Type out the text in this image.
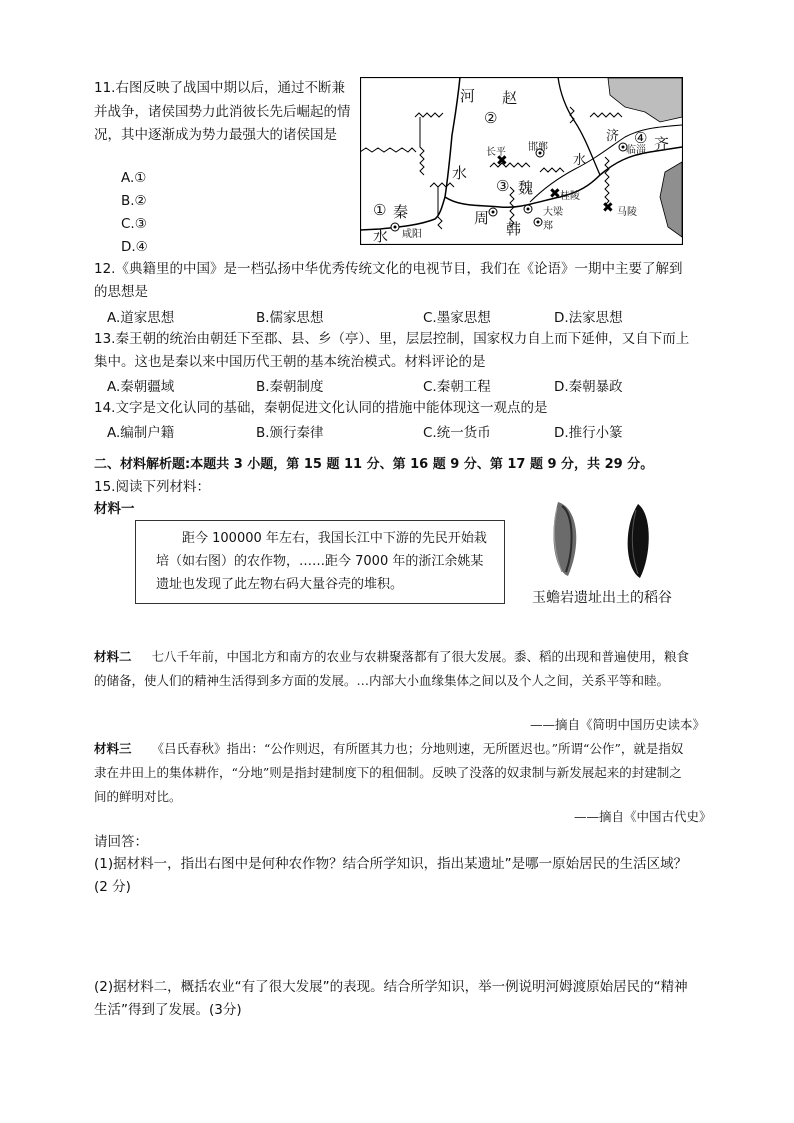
11.右图反映了战国中期以后，通过不断兼并战争，诸侯国势力此消彼长先后崛起的情况，其中逐渐成为势力最强大的诸侯国是
A.①
B.②
C.③
D.④
✖
✖
✖
河
②
赵
水
① 秦
水
③ 魏
④ 齐
周
韩
济
水
长平 邯郸
桂陵
大梁
郑
咸阳
临淄
马陵
12.《典籍里的中国》是一档弘扬中华优秀传统文化的电视节目，我们在《论语》一期中主要了解到的思想是
A.道家思想	B.儒家思想	C.墨家思想	D.法家思想
13.秦王朝的统治由朝廷下至郡、县、乡（亭）、里，层层控制，国家权力自上而下延伸，又自下而上集中。这也是秦以来中国历代王朝的基本统治模式。材料评论的是
A.秦朝疆域	B.秦朝制度	C.秦朝工程	D.秦朝暴政
14.文字是文化认同的基础，秦朝促进文化认同的措施中能体现这一观点的是
A.编制户籍	B.颁行秦律	C.统一货币	D.推行小篆
二、材料解析题:本题共 3 小题，第 15 题 11 分、第 16 题 9 分、第 17 题 9 分，共 29 分。
15.阅读下列材料：
材料一
距今 100000 年左右，我国长江中下游的先民开始栽培（如右图）的农作物，……距今 7000 年的浙江余姚某遗址也发现了此左物右码大量谷壳的堆积。
玉蟾岩遗址出土的稻谷
材料二 七八千年前，中国北方和南方的农业与农耕聚落都有了很大发展。黍、稻的出现和普遍使用，粮食的储备，使人们的精神生活得到多方面的发展。…内部大小血缘集体之间以及个人之间，关系平等和睦。
——摘自《简明中国历史读本》
材料三 《吕氏春秋》指出：“公作则迟，有所匿其力也；分地则速，无所匿迟也。”所谓“公作”，就是指奴隶在井田上的集体耕作，“分地”则是指封建制度下的租佃制。反映了没落的奴隶制与新发展起来的封建制之间的鲜明对比。
——摘自《中国古代史》
请回答：
(1)据材料一，指出右图中是何种农作物？结合所学知识，指出某遗址”是哪一原始居民的生活区域？(2 分)
(2)据材料二，概括农业“有了很大发展”的表现。结合所学知识，举一例说明河姆渡原始居民的“精神生活”得到了发展。(3分)
